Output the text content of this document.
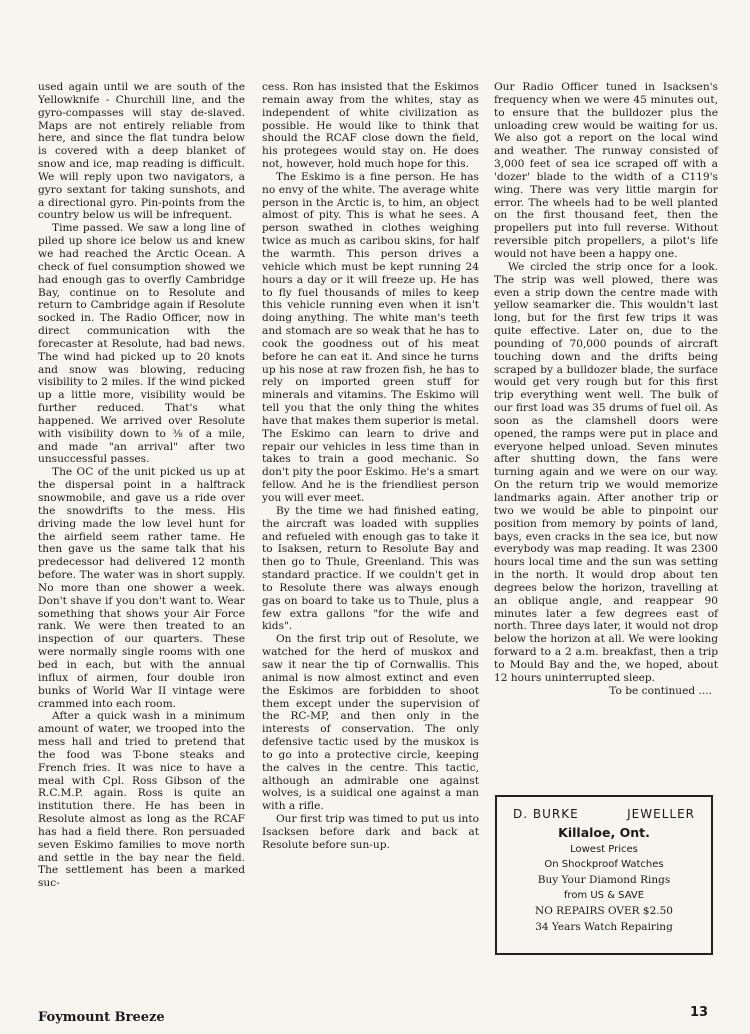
used again until we are south of the Yellowknife - Churchill line, and the gyro-compasses will stay de-slaved. Maps are not entirely reliable from here, and since the flat tundra below is covered with a deep blanket of snow and ice, map reading is difficult. We will reply upon two navigators, a gyro sextant for taking sunshots, and a directional gyro. Pin-points from the country below us will be infrequent.

Time passed. We saw a long line of piled up shore ice below us and knew we had reached the Arctic Ocean. A check of fuel consumption showed we had enough gas to overfly Cambridge Bay, continue on to Resolute and return to Cambridge again if Resolute socked in. The Radio Officer, now in direct communication with the forecaster at Resolute, had bad news. The wind had picked up to 20 knots and snow was blowing, reducing visibility to 2 miles. If the wind picked up a little more, visibility would be further reduced. That's what happened. We arrived over Resolute with visibility down to ⅜ of a mile, and made "an arrival" after two unsuccessful passes.

The OC of the unit picked us up at the dispersal point in a halftrack snowmobile, and gave us a ride over the snowdrifts to the mess. His driving made the low level hunt for the airfield seem rather tame. He then gave us the same talk that his predecessor had delivered 12 month before. The water was in short supply. No more than one shower a week. Don't shave if you don't want to. Wear something that shows your Air Force rank. We were then treated to an inspection of our quarters. These were normally single rooms with one bed in each, but with the annual influx of airmen, four double iron bunks of World War II vintage were crammed into each room.

After a quick wash in a minimum amount of water, we trooped into the mess hall and tried to pretend that the food was T-bone steaks and French fries. It was nice to have a meal with Cpl. Ross Gibson of the R.C.M.P. again. Ross is quite an institution there. He has been in Resolute almost as long as the RCAF has had a field there. Ron persuaded seven Eskimo families to move north and settle in the bay near the field. The settlement has been a marked suc-

cess. Ron has insisted that the Eskimos remain away from the whites, stay as independent of white civilization as possible. He would like to think that should the RCAF close down the field, his protegees would stay on. He does not, however, hold much hope for this.

The Eskimo is a fine person. He has no envy of the white. The average white person in the Arctic is, to him, an object almost of pity. This is what he sees. A person swathed in clothes weighing twice as much as caribou skins, for half the warmth. This person drives a vehicle which must be kept running 24 hours a day or it will freeze up. He has to fly fuel thousands of miles to keep this vehicle running even when it isn't doing anything. The white man's teeth and stomach are so weak that he has to cook the goodness out of his meat before he can eat it. And since he turns up his nose at raw frozen fish, he has to rely on imported green stuff for minerals and vitamins. The Eskimo will tell you that the only thing the whites have that makes them superior is metal. The Eskimo can learn to drive and repair our vehicles in less time than in takes to train a good mechanic. So don't pity the poor Eskimo. He's a smart fellow. And he is the friendliest person you will ever meet.

By the time we had finished eating, the aircraft was loaded with supplies and refueled with enough gas to take it to Isaksen, return to Resolute Bay and then go to Thule, Greenland. This was standard practice. If we couldn't get in to Resolute there was always enough gas on board to take us to Thule, plus a few extra gallons "for the wife and kids".

On the first trip out of Resolute, we watched for the herd of muskox and saw it near the tip of Cornwallis. This animal is now almost extinct and even the Eskimos are forbidden to shoot them except under the supervision of the RC-MP, and then only in the interests of conservation. The only defensive tactic used by the muskox is to go into a protective circle, keeping the calves in the centre. This tactic, although an admirable one against wolves, is a suidical one against a man with a rifle.

Our first trip was timed to put us into Isacksen before dark and back at Resolute before sun-up.

Our Radio Officer tuned in Isacksen's frequency when we were 45 minutes out, to ensure that the bulldozer plus the unloading crew would be waiting for us. We also got a report on the local wind and weather. The runway consisted of 3,000 feet of sea ice scraped off with a 'dozer' blade to the width of a C119's wing. There was very little margin for error. The wheels had to be well planted on the first thousand feet, then the propellers put into full reverse. Without reversible pitch propellers, a pilot's life would not have been a happy one.

We circled the strip once for a look. The strip was well plowed, there was even a strip down the centre made with yellow seamarker die. This wouldn't last long, but for the first few trips it was quite effective. Later on, due to the pounding of 70,000 pounds of aircraft touching down and the drifts being scraped by a bulldozer blade, the surface would get very rough but for this first trip everything went well. The bulk of our first load was 35 drums of fuel oil. As soon as the clamshell doors were opened, the ramps were put in place and everyone helped unload. Seven minutes after shutting down, the fans were turning again and we were on our way. On the return trip we would memorize landmarks again. After another trip or two we would be able to pinpoint our position from memory by points of land, bays, even cracks in the sea ice, but now everybody was map reading. It was 2300 hours local time and the sun was setting in the north. It would drop about ten degrees below the horizon, travelling at an oblique angle, and reappear 90 minutes later a few degrees east of north. Three days later, it would not drop below the horizon at all. We were looking forward to a 2 a.m. breakfast, then a trip to Mould Bay and the, we hoped, about 12 hours uninterrupted sleep.

To be continued ....

D. BURKE	JEWELLER
Killaloe, Ont.
Lowest Prices
On Shockproof Watches
Buy Your Diamond Rings
from US & SAVE
NO REPAIRS OVER $2.50
34 Years Watch Repairing
Foymount Breeze	13
